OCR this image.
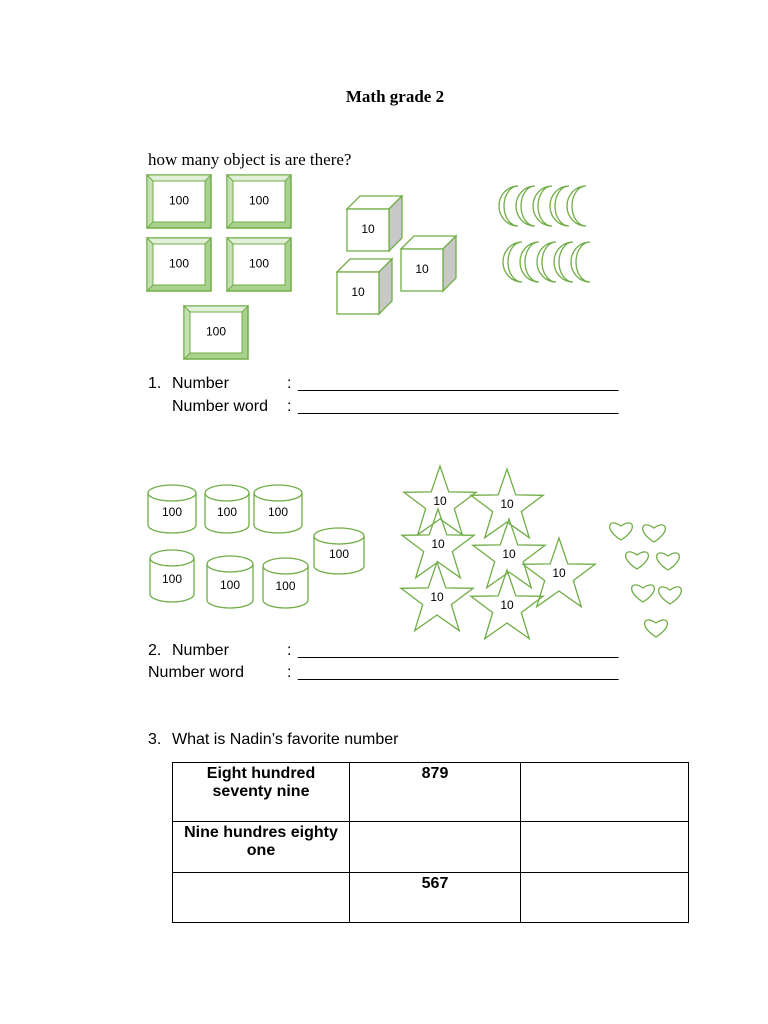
Math grade 2
how many object is are there?
100	100
100	100
100
10
10
10
100	100	100
100
100	100	100
10	10
10
10
10
10
10
1. Number	: ____________________________________
Number word : ____________________________________
2. Number	: ____________________________________
Number word	: ____________________________________
3. What is Nadin’s favorite number
Eight hundred seventy nine	879	
Nine hundres eighty one		
	567	
